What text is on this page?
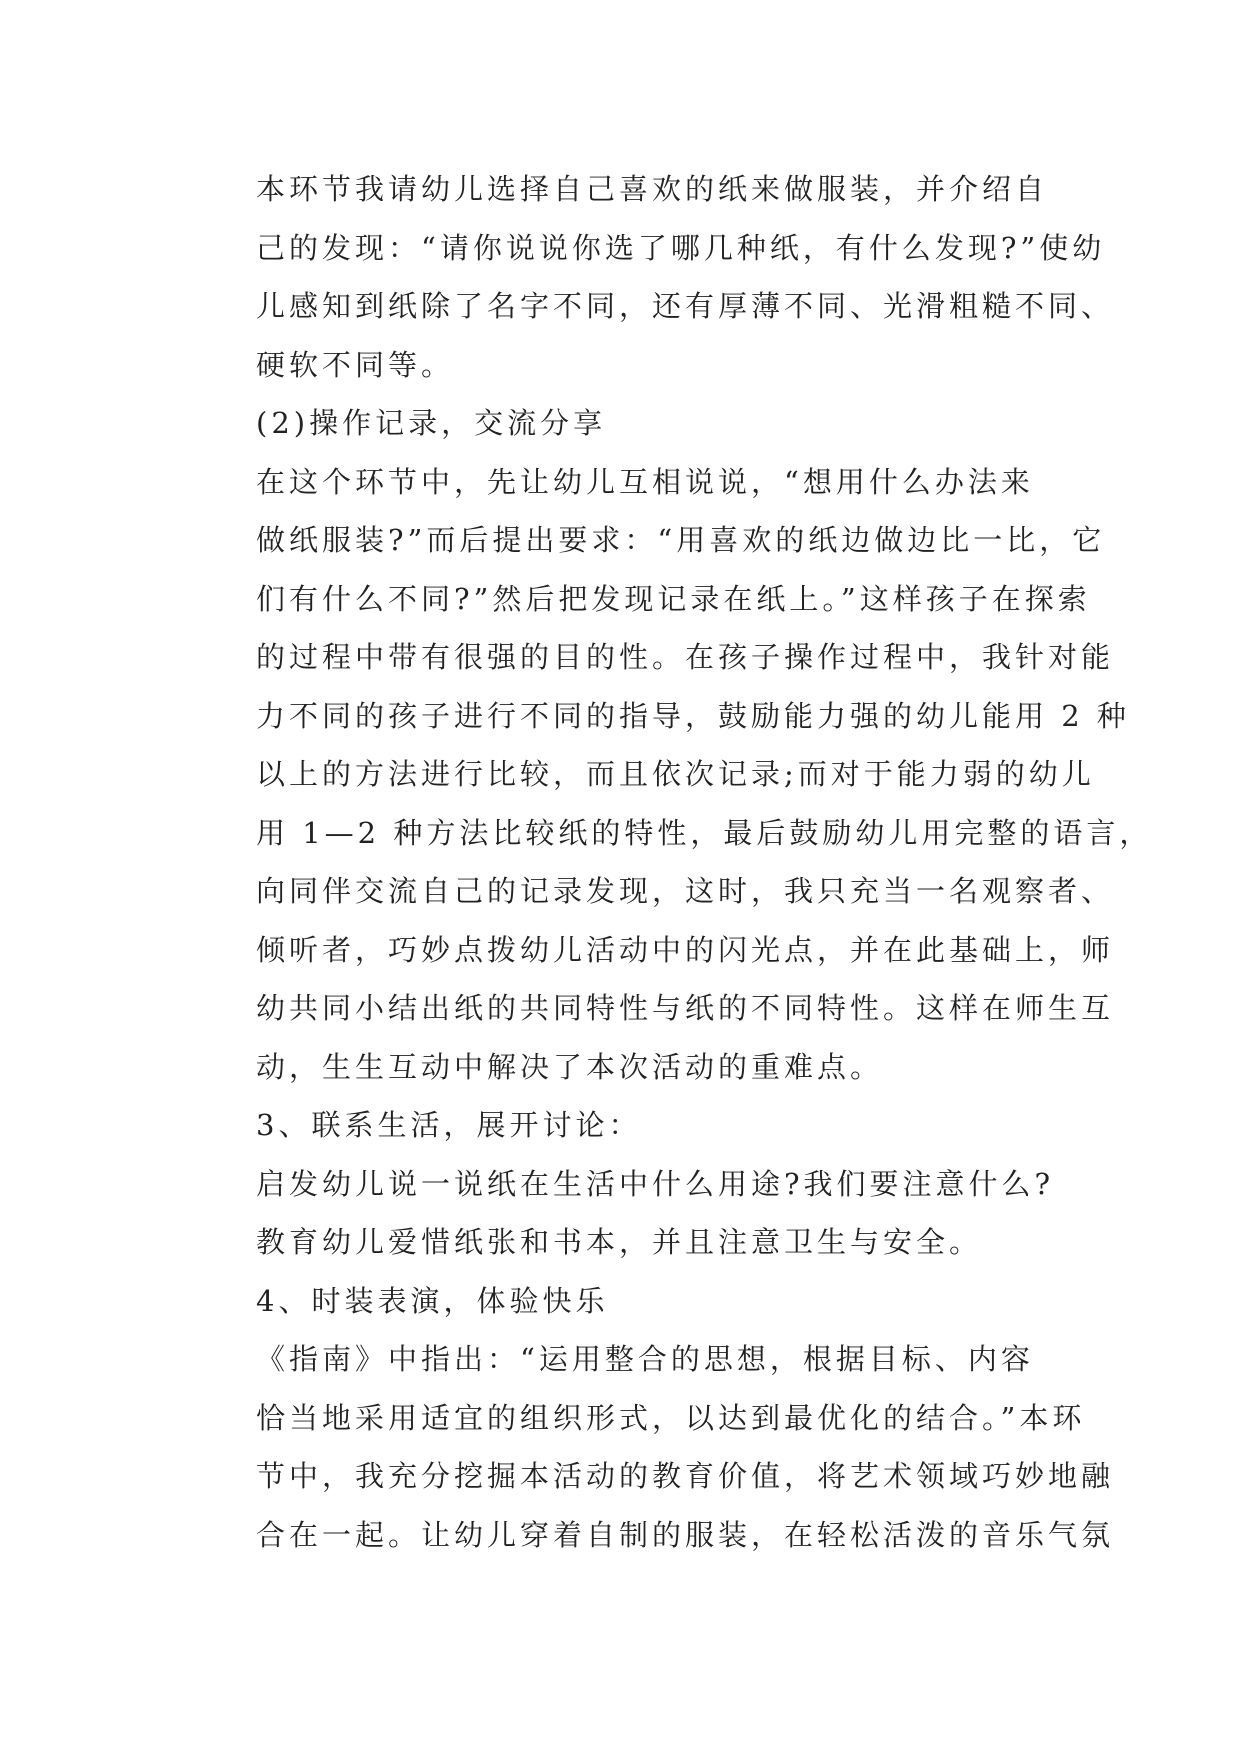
本环节我请幼儿选择自己喜欢的纸来做服装，并介绍自
己的发现：“请你说说你选了哪几种纸，有什么发现?”使幼
儿感知到纸除了名字不同，还有厚薄不同、光滑粗糙不同、
硬软不同等。

(2)操作记录，交流分享

在这个环节中，先让幼儿互相说说，“想用什么办法来
做纸服装?”而后提出要求：“用喜欢的纸边做边比一比，它
们有什么不同?”然后把发现记录在纸上。”这样孩子在探索
的过程中带有很强的目的性。在孩子操作过程中，我针对能
力不同的孩子进行不同的指导，鼓励能力强的幼儿能用 2 种
以上的方法进行比较，而且依次记录;而对于能力弱的幼儿
用 1—2 种方法比较纸的特性，最后鼓励幼儿用完整的语言，
向同伴交流自己的记录发现，这时，我只充当一名观察者、
倾听者，巧妙点拨幼儿活动中的闪光点，并在此基础上，师
幼共同小结出纸的共同特性与纸的不同特性。这样在师生互
动，生生互动中解决了本次活动的重难点。

3、联系生活，展开讨论：

启发幼儿说一说纸在生活中什么用途?我们要注意什么?
教育幼儿爱惜纸张和书本，并且注意卫生与安全。

4、时装表演，体验快乐

《指南》中指出：“运用整合的思想，根据目标、内容
恰当地采用适宜的组织形式，以达到最优化的结合。”本环
节中，我充分挖掘本活动的教育价值，将艺术领域巧妙地融
合在一起。让幼儿穿着自制的服装，在轻松活泼的音乐气氛
